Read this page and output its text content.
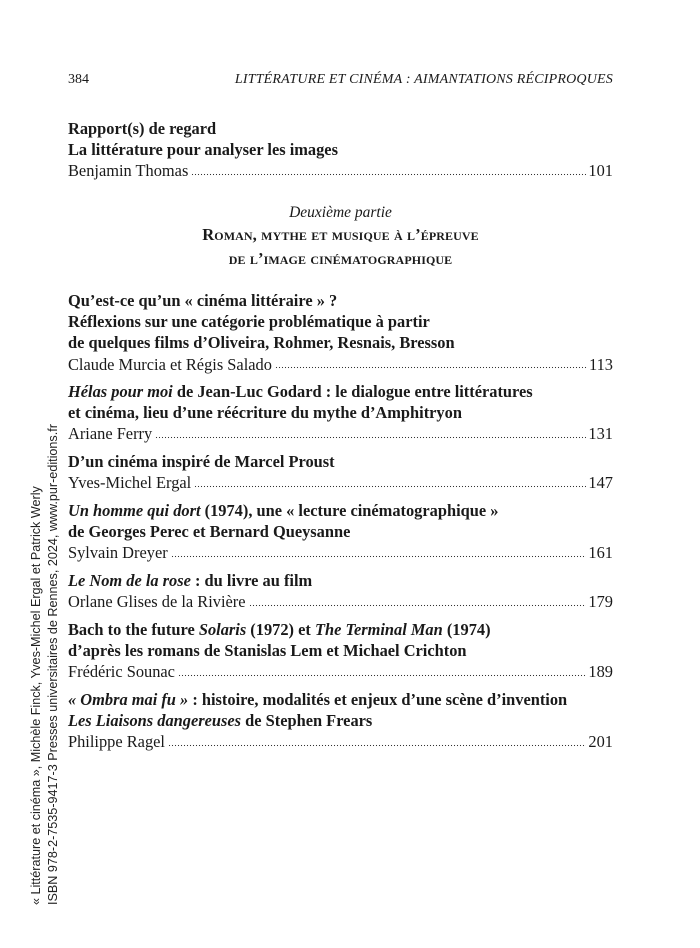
384	LITTÉRATURE ET CINÉMA : AIMANTATIONS RÉCIPROQUES
Rapport(s) de regard
La littérature pour analyser les images
Benjamin Thomas	101
Deuxième partie
Roman, mythe et musique à l’épreuve
de l’image cinématographique
Qu’est-ce qu’un « cinéma littéraire » ?
Réflexions sur une catégorie problématique à partir
de quelques films d’Oliveira, Rohmer, Resnais, Bresson
Claude Murcia et Régis Salado	113
Hélas pour moi de Jean-Luc Godard : le dialogue entre littératures
et cinéma, lieu d’une réécriture du mythe d’Amphitryon
Ariane Ferry	131
D’un cinéma inspiré de Marcel Proust
Yves-Michel Ergal	147
Un homme qui dort (1974), une « lecture cinématographique »
de Georges Perec et Bernard Queysanne
Sylvain Dreyer	161
Le Nom de la rose : du livre au film
Orlane Glises de la Rivière	179
Bach to the future Solaris (1972) et The Terminal Man (1974)
d’après les romans de Stanislas Lem et Michael Crichton
Frédéric Sounac	189
« Ombra mai fu » : histoire, modalités et enjeux d’une scène d’invention
Les Liaisons dangereuses de Stephen Frears
Philippe Ragel	201
« Littérature et cinéma », Michèle Finck, Yves-Michel Ergal et Patrick Werly ISBN 978-2-7535-9417-3 Presses universitaires de Rennes, 2024, www.pur-editions.fr
